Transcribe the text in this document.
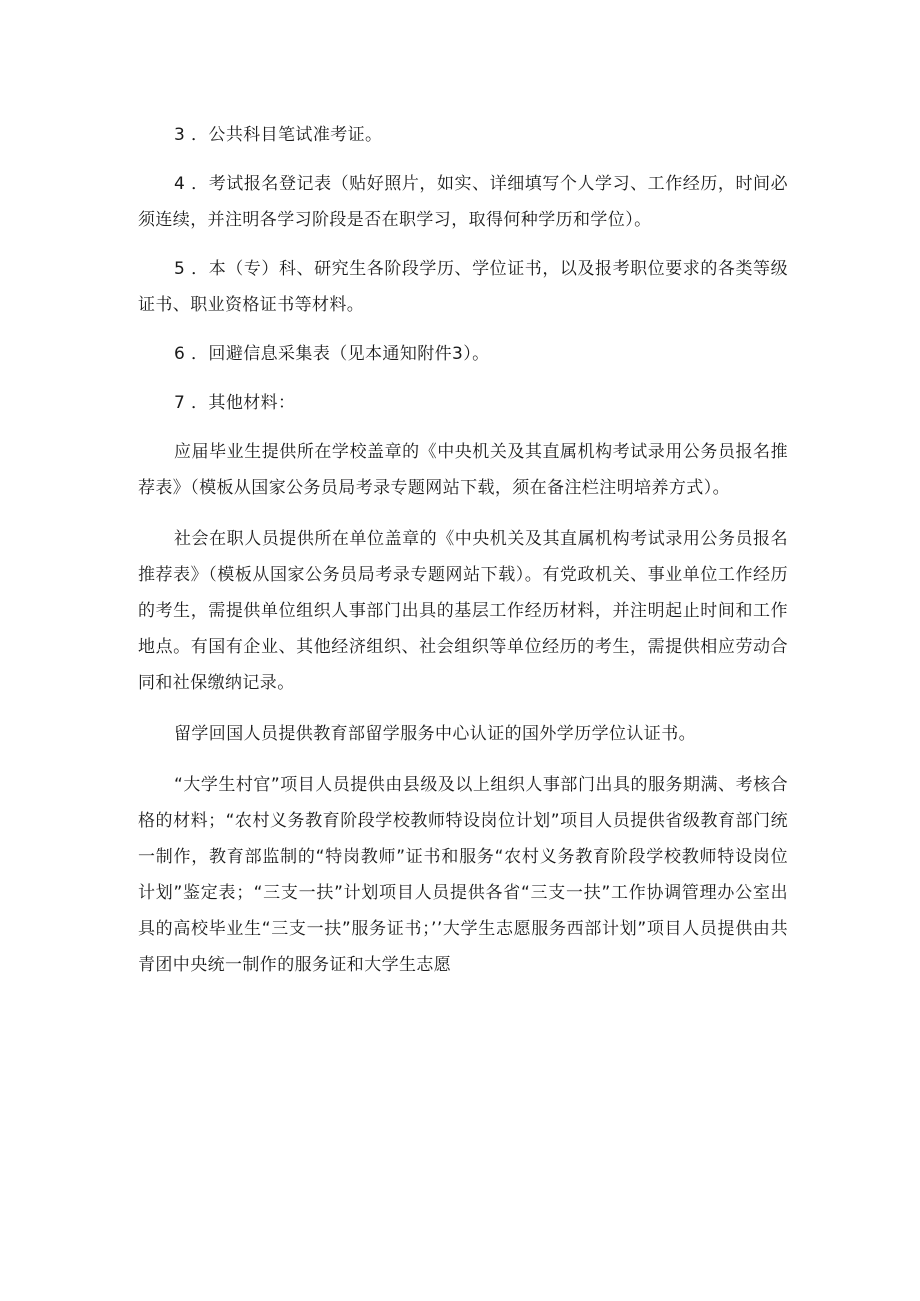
3 ．公共科目笔试准考证。

4 ．考试报名登记表（贴好照片，如实、详细填写个人学习、工作经历，时间必须连续，并注明各学习阶段是否在职学习，取得何种学历和学位）。

5 ．本（专）科、研究生各阶段学历、学位证书，以及报考职位要求的各类等级证书、职业资格证书等材料。

6 ．回避信息采集表（见本通知附件3）。

7 ．其他材料：

应届毕业生提供所在学校盖章的《中央机关及其直属机构考试录用公务员报名推荐表》（模板从国家公务员局考录专题网站下载，须在备注栏注明培养方式）。

社会在职人员提供所在单位盖章的《中央机关及其直属机构考试录用公务员报名推荐表》（模板从国家公务员局考录专题网站下载）。有党政机关、事业单位工作经历的考生，需提供单位组织人事部门出具的基层工作经历材料，并注明起止时间和工作地点。有国有企业、其他经济组织、社会组织等单位经历的考生，需提供相应劳动合同和社保缴纳记录。

留学回国人员提供教育部留学服务中心认证的国外学历学位认证书。

“大学生村官”项目人员提供由县级及以上组织人事部门出具的服务期满、考核合格的材料；“农村义务教育阶段学校教师特设岗位计划”项目人员提供省级教育部门统一制作，教育部监制的“特岗教师”证书和服务“农村义务教育阶段学校教师特设岗位计划”鉴定表；“三支一扶”计划项目人员提供各省“三支一扶”工作协调管理办公室出具的高校毕业生“三支一扶”服务证书；’’大学生志愿服务西部计划”项目人员提供由共青团中央统一制作的服务证和大学生志愿
